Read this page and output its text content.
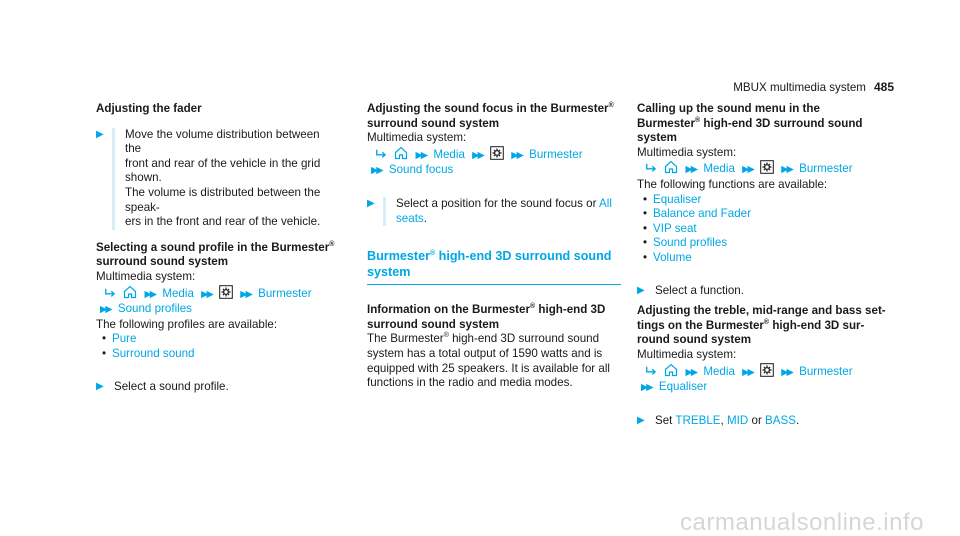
MBUX multimedia system 485

Adjusting the fader

▶	Move the volume distribution between the
front and rear of the vehicle in the grid
shown.
The volume is distributed between the speak-
ers in the front and rear of the vehicle.

Selecting a sound profile in the Burmester®
surround sound system

Multimedia system:
▶▶ Media ▶▶	▶▶ Burmester
▶▶ Sound profiles
The following profiles are available:
• Pure
• Surround sound
▶ Select a sound profile.

Adjusting the sound focus in the Burmester®
surround sound system

Multimedia system:
▶▶ Media ▶▶	▶▶ Burmester
▶▶ Sound focus
▶	Select a position for the sound focus or All
seats.

Burmester® high-end 3D surround sound
system

Information on the Burmester® high-end 3D
surround sound system

The Burmester® high-end 3D surround sound
system has a total output of 1590 watts and is
equipped with 25 speakers. It is available for all
functions in the radio and media modes.

Calling up the sound menu in the
Burmester® high-end 3D surround sound
system

Multimedia system:
▶▶ Media ▶▶	▶▶ Burmester
The following functions are available:
• Equaliser
• Balance and Fader
• VIP seat
• Sound profiles
• Volume
▶ Select a function.

Adjusting the treble, mid-range and bass set-
tings on the Burmester® high-end 3D sur-
round sound system

Multimedia system:
▶▶ Media ▶▶	▶▶ Burmester
▶▶ Equaliser
▶ Set TREBLE, MID or BASS.
carmanualsonline.info
